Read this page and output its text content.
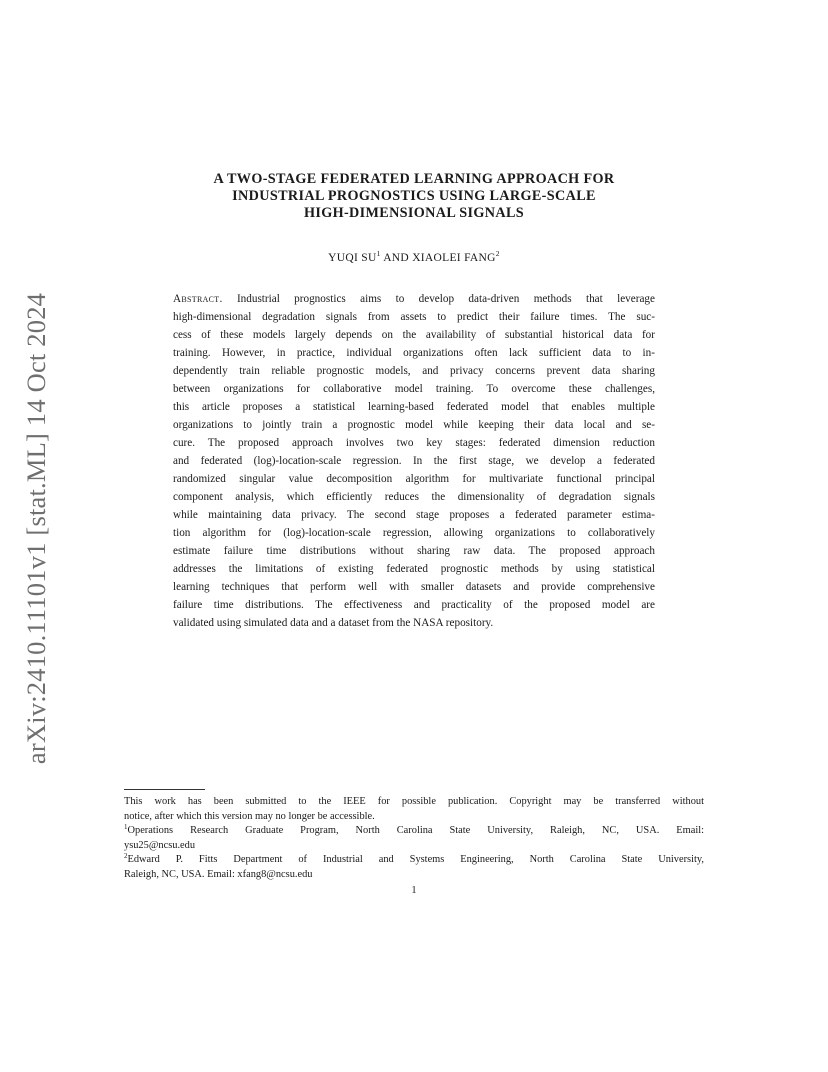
arXiv:2410.11101v1 [stat.ML] 14 Oct 2024
A TWO-STAGE FEDERATED LEARNING APPROACH FOR
INDUSTRIAL PROGNOSTICS USING LARGE-SCALE
HIGH-DIMENSIONAL SIGNALS
YUQI $SU^1$ AND XIAOLEI FANG$^2$
Abstract. Industrial prognostics aims to develop data-driven methods that leverage
high-dimensional degradation signals from assets to predict their failure times. The suc-
cess of these models largely depends on the availability of substantial historical data for
training. However, in practice, individual organizations often lack sufficient data to in-
dependently train reliable prognostic models, and privacy concerns prevent data sharing
between organizations for collaborative model training. To overcome these challenges,
this article proposes a statistical learning-based federated model that enables multiple
organizations to jointly train a prognostic model while keeping their data local and se-
cure. The proposed approach involves two key stages: federated dimension reduction
and federated (log)-location-scale regression. In the first stage, we develop a federated
randomized singular value decomposition algorithm for multivariate functional principal
component analysis, which efficiently reduces the dimensionality of degradation signals
while maintaining data privacy. The second stage proposes a federated parameter estima-
tion algorithm for (log)-location-scale regression, allowing organizations to collaboratively
estimate failure time distributions without sharing raw data. The proposed approach
addresses the limitations of existing federated prognostic methods by using statistical
learning techniques that perform well with smaller datasets and provide comprehensive
failure time distributions. The effectiveness and practicality of the proposed model are
validated using simulated data and a dataset from the NASA repository.
This work has been submitted to the IEEE for possible publication. Copyright may be transferred without
notice, after which this version may no longer be accessible.
$^1$Operations Research Graduate Program, North Carolina State University, Raleigh, NC, USA. Email:
ysu25@ncsu.edu
$^2$Edward P. Fitts Department of Industrial and Systems Engineering, North Carolina State University,
Raleigh, NC, USA. Email: xfang8@ncsu.edu
1
